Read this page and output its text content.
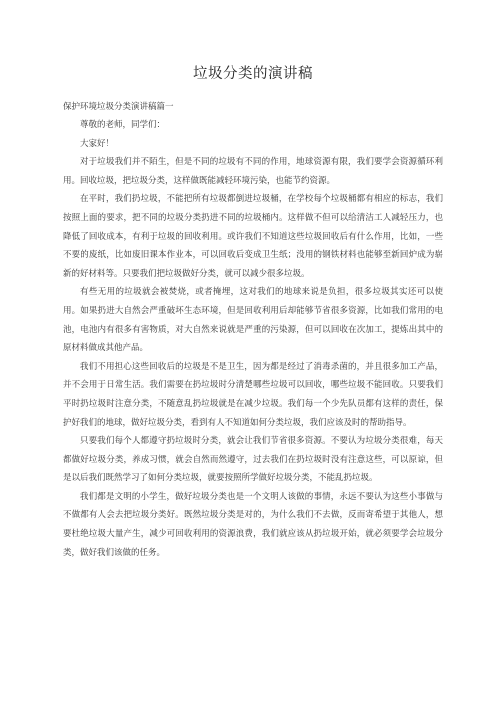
垃圾分类的演讲稿

保护环境垃圾分类演讲稿篇一

尊敬的老师，同学们：

大家好！

对于垃圾我们并不陌生，但是不同的垃圾有不同的作用，地球资源有限，我们要学会资源循环利用。回收垃圾，把垃圾分类，这样做既能减轻环境污染，也能节约资源。

在平时，我们扔垃圾，不能把所有垃圾都倒进垃圾桶，在学校每个垃圾桶都有相应的标志，我们按照上面的要求，把不同的垃圾分类扔进不同的垃圾桶内。这样做不但可以给清洁工人减轻压力，也降低了回收成本，有利于垃圾的回收利用。或许我们不知道这些垃圾回收后有什么作用，比如，一些不要的废纸，比如废旧课本作业本，可以回收后变成卫生纸；没用的钢铁材料也能够至新回炉成为崭新的好材料等。只要我们把垃圾做好分类，就可以减少很多垃圾。

有些无用的垃圾就会被焚烧，或者掩埋，这对我们的地球来说是负担，很多垃圾其实还可以使用。如果扔进大自然会严重破坏生态环境，但是回收利用后却能够节省很多资源，比如我们常用的电池，电池内有很多有害物质，对大自然来说就是严重的污染源，但可以回收在次加工，提炼出其中的原材料做成其他产品。

我们不用担心这些回收后的垃圾是不是卫生，因为都是经过了消毒杀菌的，并且很多加工产品，并不会用于日常生活。我们需要在扔垃圾时分清楚哪些垃圾可以回收，哪些垃圾不能回收。只要我们平时扔垃圾时注意分类，不随意乱扔垃圾就是在减少垃圾。我们每一个少先队员都有这样的责任，保护好我们的地球，做好垃圾分类，看到有人不知道如何分类垃圾，我们应该及时的帮助指导。

只要我们每个人都遵守扔垃圾时分类，就会让我们节省很多资源。不要认为垃圾分类很难，每天都做好垃圾分类，养成习惯，就会自然而然遵守，过去我们在扔垃圾时没有注意这些，可以原谅，但是以后我们既然学习了如何分类垃圾，就要按照所学做好垃圾分类，不能乱扔垃圾。

我们都是文明的小学生，做好垃圾分类也是一个文明人该做的事情，永远不要认为这些小事做与不做都有人会去把垃圾分类好。既然垃圾分类是对的，为什么我们不去做，反而寄希望于其他人，想要杜绝垃圾大量产生，减少可回收利用的资源浪费，我们就应该从扔垃圾开始，就必须要学会垃圾分类，做好我们该做的任务。
